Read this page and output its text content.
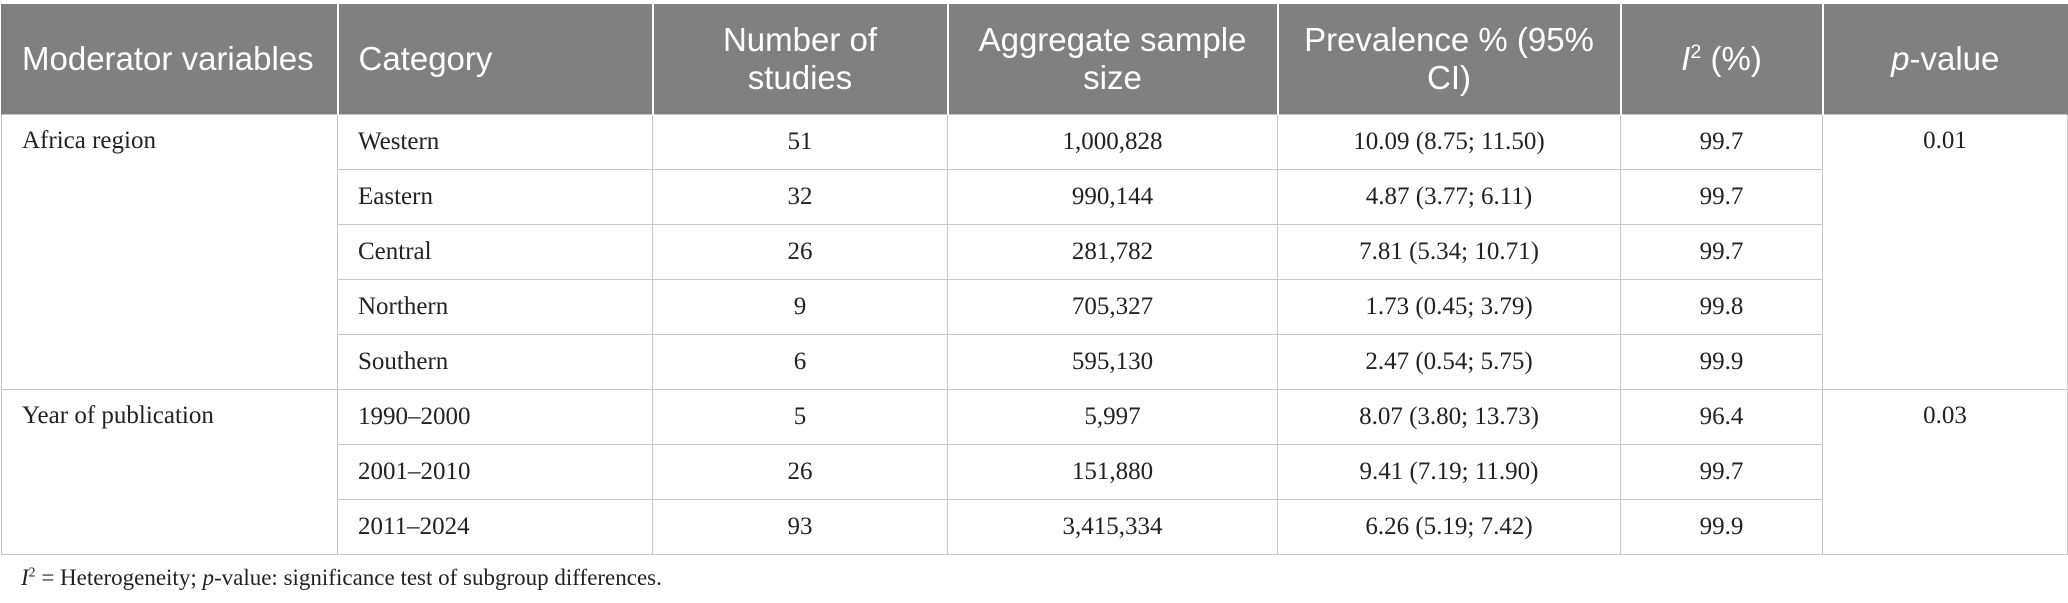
Moderator variables	Category	Number of studies	Aggregate sample size	Prevalence % (95% CI)	$I^2$ (%)	p-value
Africa region	Western	51	1,000,828	10.09 (8.75; 11.50)	99.7	0.01
	Eastern	32	990,144	4.87 (3.77; 6.11)	99.7	
	Central	26	281,782	7.81 (5.34; 10.71)	99.7	
	Northern	9	705,327	1.73 (0.45; 3.79)	99.8	
	Southern	6	595,130	2.47 (0.54; 5.75)	99.9	
Year of publication	1990–2000	5	5,997	8.07 (3.80; 13.73)	96.4	0.03
	2001–2010	26	151,880	9.41 (7.19; 11.90)	99.7	
	2011–2024	93	3,415,334	6.26 (5.19; 7.42)	99.9	
$I^2$ = Heterogeneity; p-value: significance test of subgroup differences.
